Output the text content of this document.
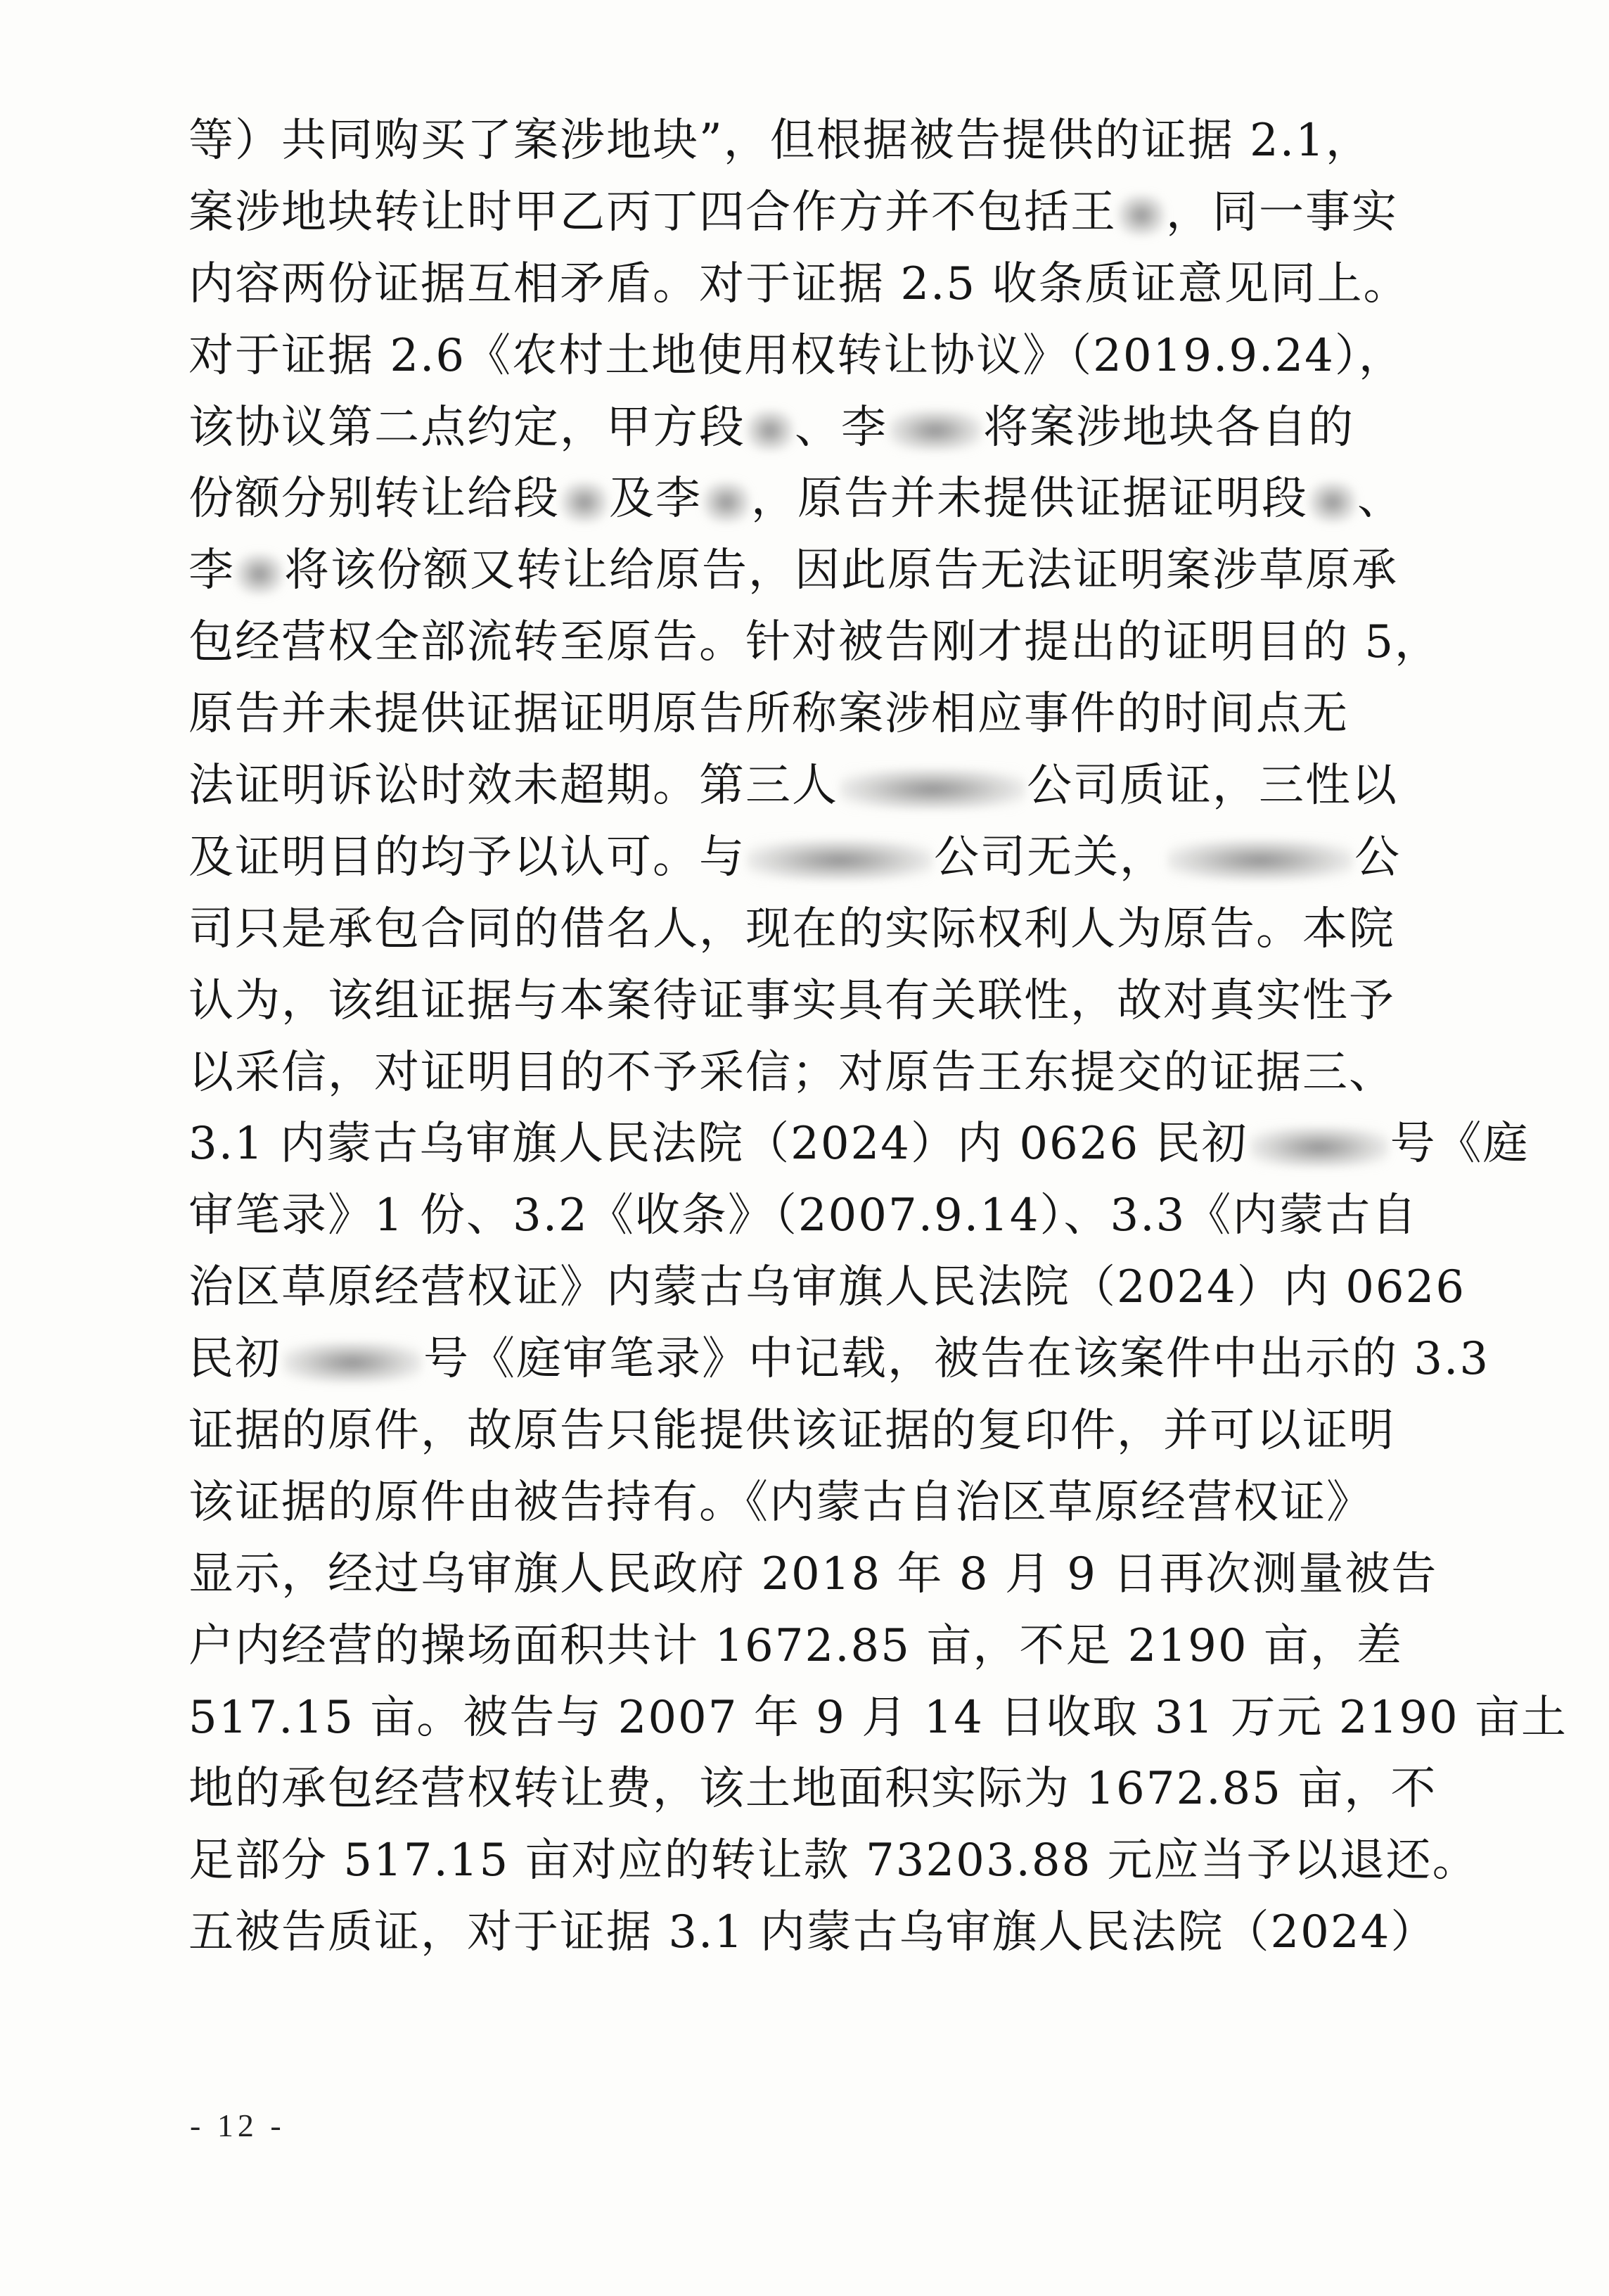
等）共同购买了案涉地块”，但根据被告提供的证据 2.1，
案涉地块转让时甲乙丙丁四合作方并不包括王 ，同一事实
内容两份证据互相矛盾。对于证据 2.5 收条质证意见同上。
对于证据 2.6《农村土地使用权转让协议》（2019.9.24），
该协议第二点约定，甲方段 、李 将案涉地块各自的
份额分别转让给段 及李 ，原告并未提供证据证明段 、
李 将该份额又转让给原告，因此原告无法证明案涉草原承
包经营权全部流转至原告。针对被告刚才提出的证明目的 5，
原告并未提供证据证明原告所称案涉相应事件的时间点无
法证明诉讼时效未超期。第三人	公司质证，三性以
及证明目的均予以认可。与	公司无关，	公
司只是承包合同的借名人，现在的实际权利人为原告。本院
认为，该组证据与本案待证事实具有关联性，故对真实性予
以采信，对证明目的不予采信；对原告王东提交的证据三、
3.1 内蒙古乌审旗人民法院（2024）内 0626 民初	号《庭
审笔录》1 份、3.2《收条》（2007.9.14）、3.3《内蒙古自
治区草原经营权证》内蒙古乌审旗人民法院（2024）内 0626
民初	号《庭审笔录》中记载，被告在该案件中出示的 3.3
证据的原件，故原告只能提供该证据的复印件，并可以证明
该证据的原件由被告持有。《内蒙古自治区草原经营权证》
显示，经过乌审旗人民政府 2018 年 8 月 9 日再次测量被告
户内经营的操场面积共计 1672.85 亩，不足 2190 亩，差
517.15 亩。被告与 2007 年 9 月 14 日收取 31 万元 2190 亩土
地的承包经营权转让费，该土地面积实际为 1672.85 亩，不
足部分 517.15 亩对应的转让款 73203.88 元应当予以退还。
五被告质证，对于证据 3.1 内蒙古乌审旗人民法院（2024）
- 12 -
